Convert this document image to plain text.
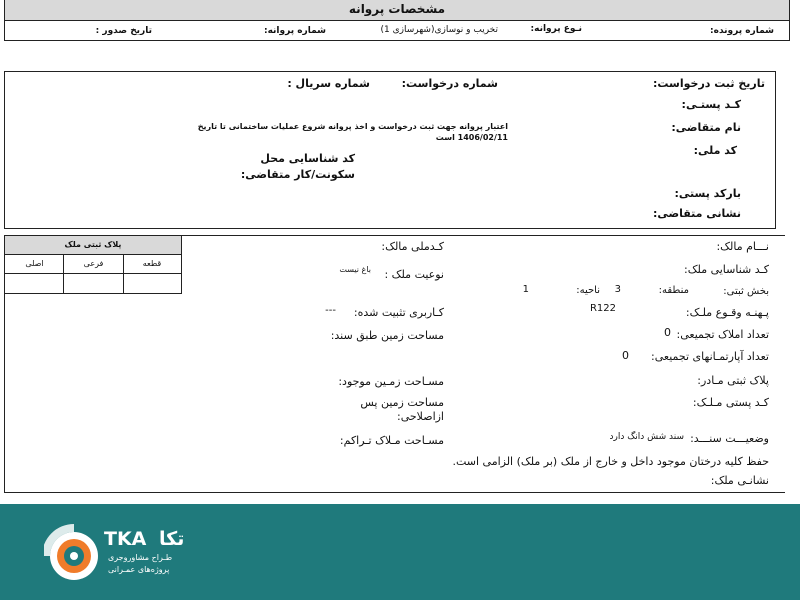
مشخصات پروانه
شماره پرونده:
نـوع پروانه:
تخریب و نوسازی(شهرسازی 1)
شماره پروانه:
تاریخ صدور :
تاریخ ثبت درخواست:
شماره درخواست:
شماره سریال :
کـد پستـی:
نام متقاضی:
اعتبار پروانه جهت ثبت درخواست و اخذ پروانه شروع عملیات ساختمانی تا تاریخ
1406/02/11 است
کد ملی:
کد شناسایی محل
سکونت/کار متقاضی:
بارکد پستی:
نشانی متقاضی:
پلاک ثبتی ملک
قطعه
فرعی
اصلی
نـــام مالک:
کـدملی مالک:
کـد شناسایی ملک:
نوعیت ملک :
باغ نیست
بخش ثبتی:
منطقه:
3
ناحیه:
1
پـهنـه وقـوع ملـک:
R122
کـاربری تثبیت شده:
---
تعداد املاک تجمیعی:
0
مساحت زمین طبق سند:
تعداد آپارتمـانهای تجمیعی:
0
پلاک ثبتی مـادر:
مسـاحت زمـین موجود:
کـد پستی مـلـک:
مساحت زمین پس
ازاصلاحی:
وضعیـــت سنـــد:
سند شش دانگ دارد
مسـاحت مـلاک تـراکم:
حفظ کلیه درختان موجود داخل و خارج از ملک (بر ملک) الزامی است.
نشانـی ملک:
TKA تکا
طـراح مشاوروجری
پروژه‌های عمـرانی
